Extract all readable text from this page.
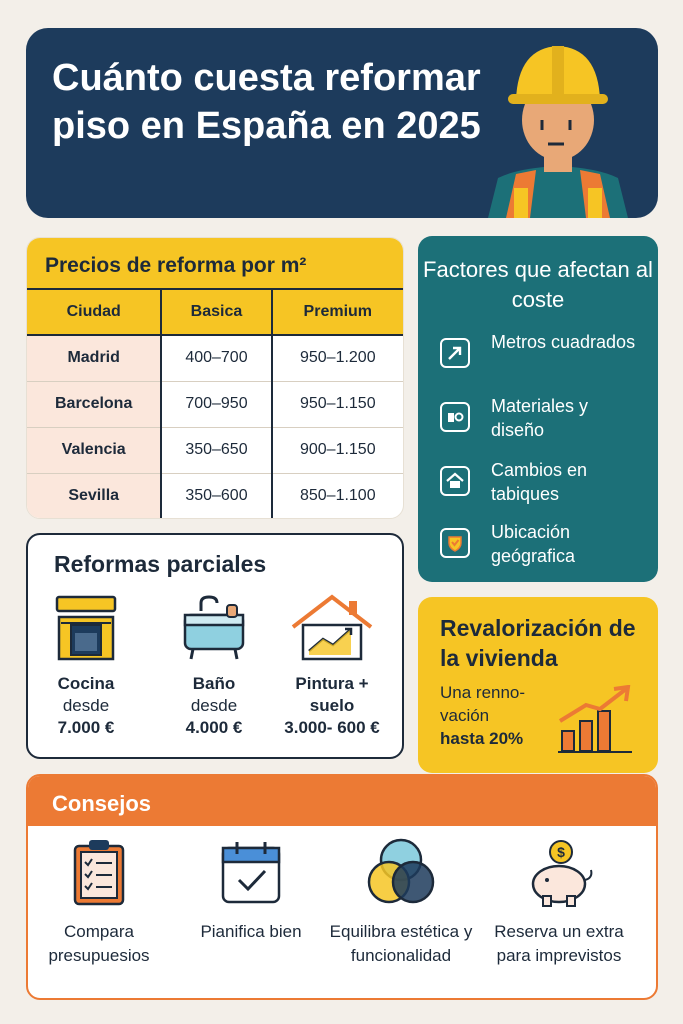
Cuánto cuesta reformar piso en España en 2025
Precios de reforma por m²
Ciudad	Basica	Premium
Madrid	400–700	950–1.200
Barcelona	700–950	950–1.150
Valencia	350–650	900–1.150
Sevilla	350–600	850–1.100
Factores que afectan al coste
Metros cuadrados
Materiales y diseño
Cambios en tabiques
Ubicación geógrafica
Reformas parciales
Cocina
desde
7.000 €
Baño
desde
4.000 €
Pintura + suelo
3.000- 600 €
Revalorización de la vivienda
Una renno- vación
hasta 20%
Consejos
Compara presupuesios
Pianifica bien	Equilibra estética y funcionalidad
$
Reserva un extra para imprevistos
